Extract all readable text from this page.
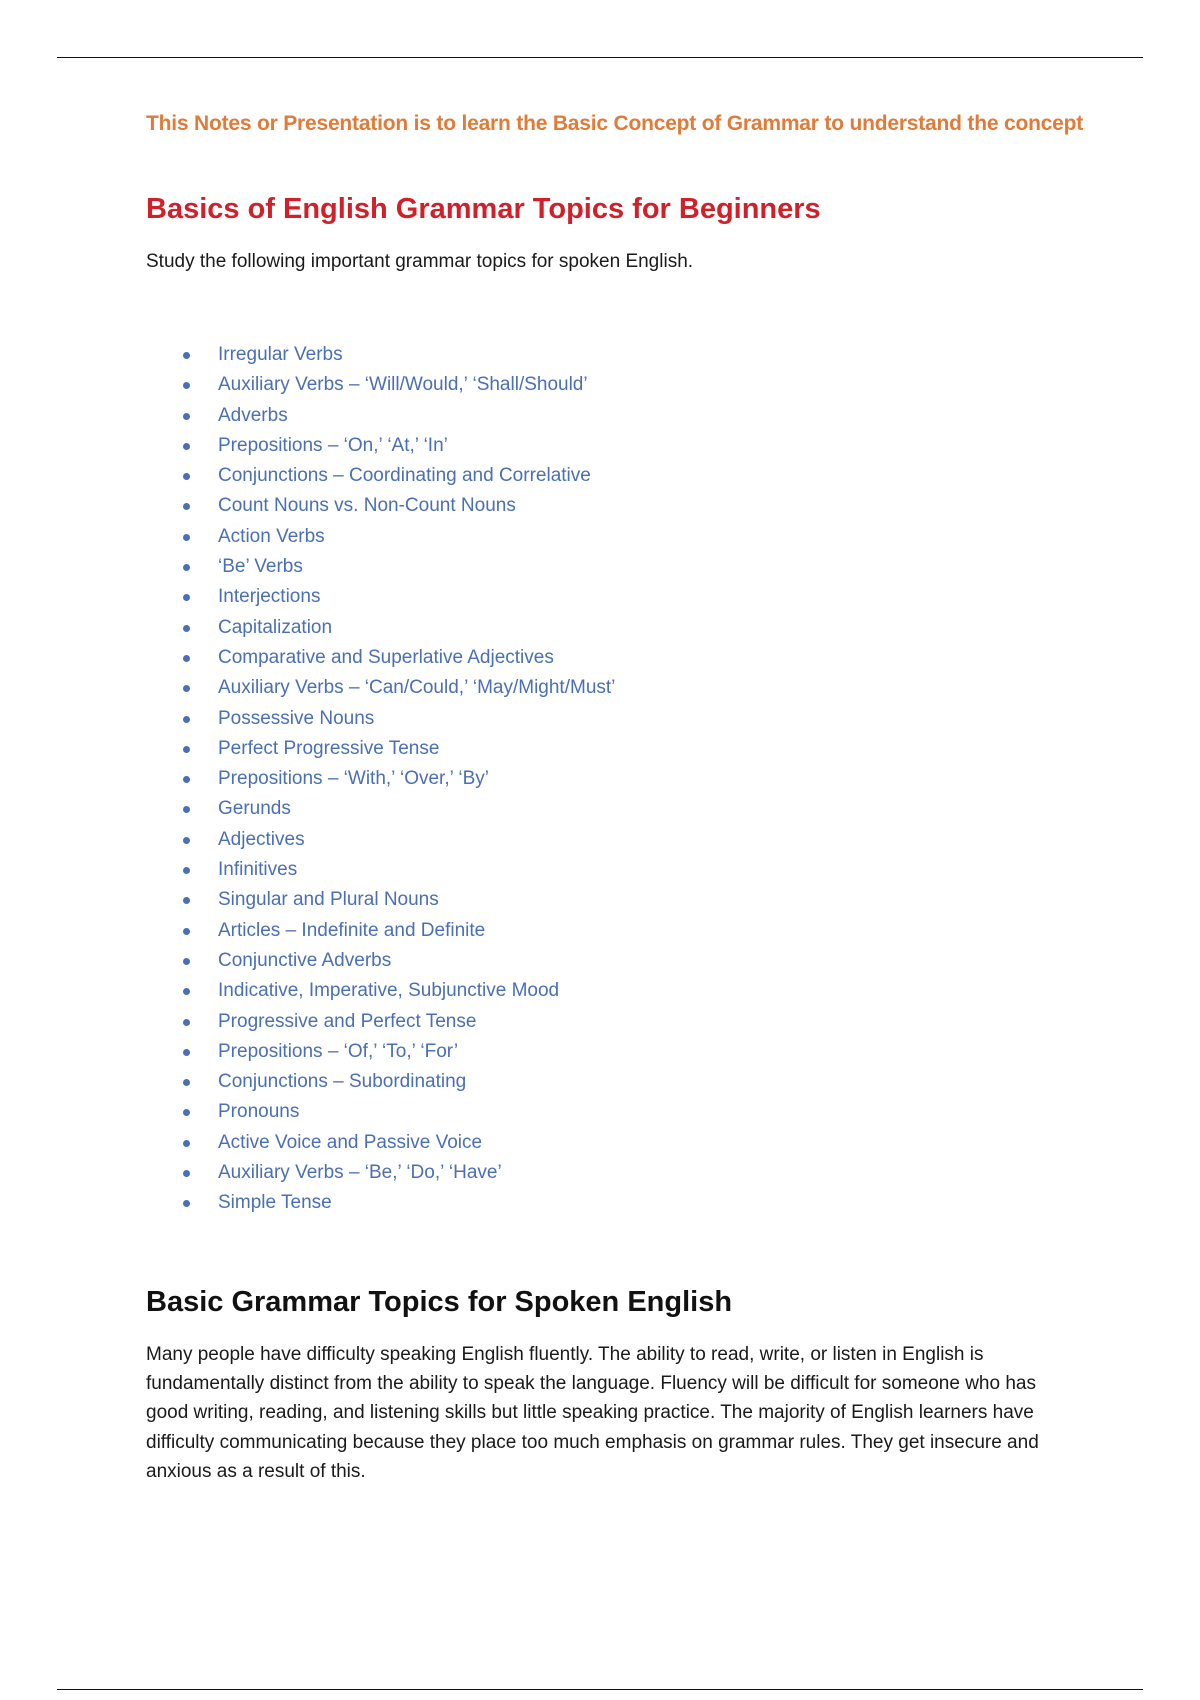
This Notes or Presentation is to learn the Basic Concept of Grammar to understand the concept
Basics of English Grammar Topics for Beginners
Study the following important grammar topics for spoken English.
Irregular Verbs
Auxiliary Verbs – ‘Will/Would,’ ‘Shall/Should’
Adverbs
Prepositions – ‘On,’ ‘At,’ ‘In’
Conjunctions – Coordinating and Correlative
Count Nouns vs. Non-Count Nouns
Action Verbs
‘Be’ Verbs
Interjections
Capitalization
Comparative and Superlative Adjectives
Auxiliary Verbs – ‘Can/Could,’ ‘May/Might/Must’
Possessive Nouns
Perfect Progressive Tense
Prepositions – ‘With,’ ‘Over,’ ‘By’
Gerunds
Adjectives
Infinitives
Singular and Plural Nouns
Articles – Indefinite and Definite
Conjunctive Adverbs
Indicative, Imperative, Subjunctive Mood
Progressive and Perfect Tense
Prepositions – ‘Of,’ ‘To,’ ‘For’
Conjunctions – Subordinating
Pronouns
Active Voice and Passive Voice
Auxiliary Verbs – ‘Be,’ ‘Do,’ ‘Have’
Simple Tense
Basic Grammar Topics for Spoken English

Many people have difficulty speaking English fluently. The ability to read, write, or listen in English is fundamentally distinct from the ability to speak the language. Fluency will be difficult for someone who has good writing, reading, and listening skills but little speaking practice. The majority of English learners have difficulty communicating because they place too much emphasis on grammar rules. They get insecure and anxious as a result of this.
